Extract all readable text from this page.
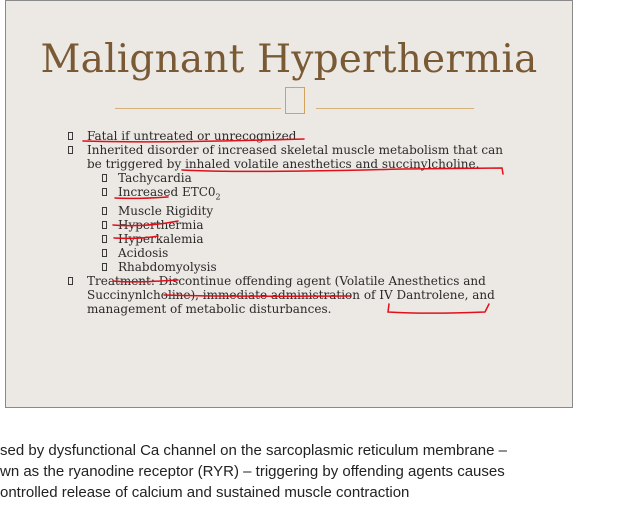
Malignant Hyperthermia
Fatal if untreated or unrecognized
Inherited disorder of increased skeletal muscle metabolism that can
be triggered by inhaled volatile anesthetics and succinylcholine.
Tachycardia
Increased $ETC0_2$
Muscle Rigidity
Hyperthermia
Hyperkalemia
Acidosis
Rhabdomyolysis
Treatment: Discontinue offending agent (Volatile Anesthetics and
Succinynlcholine), immediate administration of IV Dantrolene, and
management of metabolic disturbances.
sed by dysfunctional Ca channel on the sarcoplasmic reticulum membrane –
wn as the ryanodine receptor (RYR) – triggering by offending agents causes
ontrolled release of calcium and sustained muscle contraction
